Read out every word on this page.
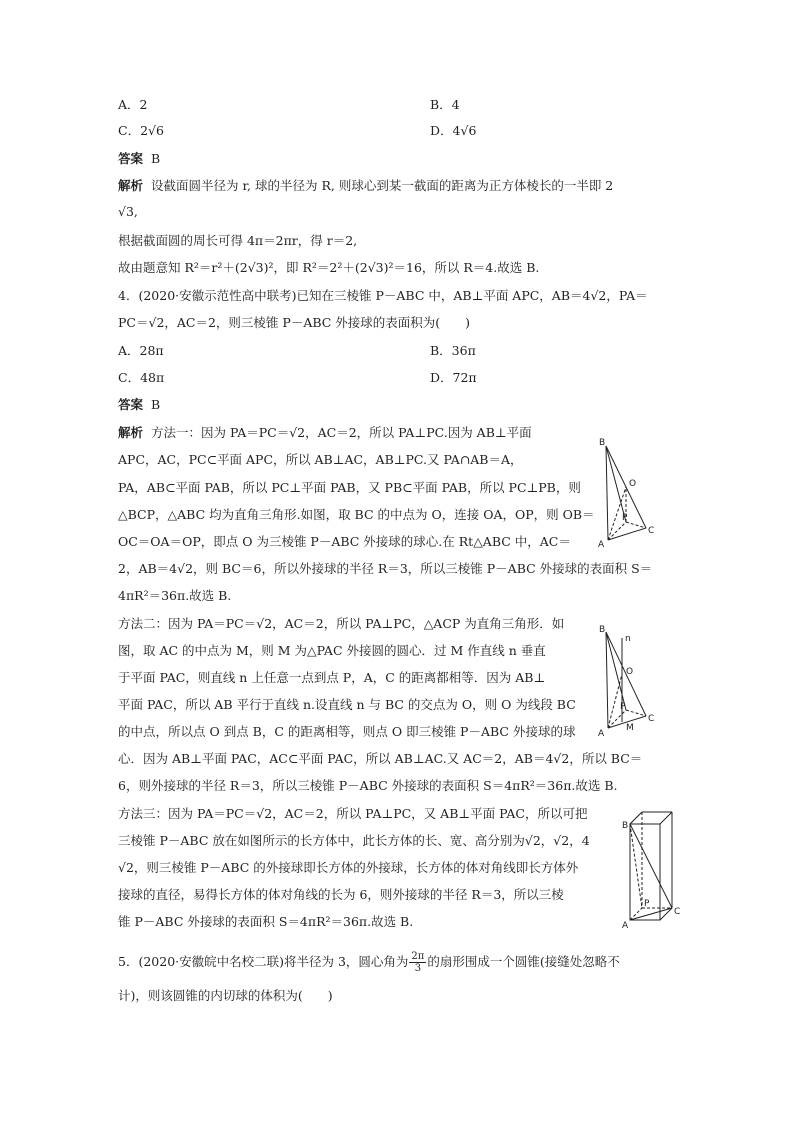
A．2	B．4
C．2√6	D．4√6
答案 B
解析 设截面圆半径为 r, 球的半径为 R, 则球心到某一截面的距离为正方体棱长的一半即 2
√3,
根据截面圆的周长可得 4π＝2πr，得 r＝2,
故由题意知 R²＝r²＋(2√3)²，即 R²＝2²＋(2√3)²＝16，所以 R＝4.故选 B.
4．(2020·安徽示范性高中联考)已知在三棱锥 P－ABC 中，AB⊥平面 APC，AB＝4√2，PA＝
PC＝√2，AC＝2，则三棱锥 P－ABC 外接球的表面积为(　　)
A．28π	B．36π
C．48π	D．72π
答案 B
解析 方法一：因为 PA＝PC＝√2，AC＝2，所以 PA⊥PC.因为 AB⊥平面
APC，AC，PC⊂平面 APC，所以 AB⊥AC，AB⊥PC.又 PA∩AB＝A，
PA，AB⊂平面 PAB，所以 PC⊥平面 PAB，又 PB⊂平面 PAB，所以 PC⊥PB，则
△BCP，△ABC 均为直角三角形.如图，取 BC 的中点为 O，连接 OA，OP，则 OB＝
OC＝OA＝OP，即点 O 为三棱锥 P－ABC 外接球的球心.在 Rt△ABC 中，AC＝
2，AB＝4√2，则 BC＝6，所以外接球的半径 R＝3，所以三棱锥 P－ABC 外接球的表面积 S＝
4πR²＝36π.故选 B.
方法二：因为 PA＝PC＝√2，AC＝2，所以 PA⊥PC，△ACP 为直角三角形．如
图，取 AC 的中点为 M，则 M 为△PAC 外接圆的圆心．过 M 作直线 n 垂直
于平面 PAC，则直线 n 上任意一点到点 P，A，C 的距离都相等．因为 AB⊥
平面 PAC，所以 AB 平行于直线 n.设直线 n 与 BC 的交点为 O，则 O 为线段 BC
的中点，所以点 O 到点 B，C 的距离相等，则点 O 即三棱锥 P－ABC 外接球的球
心．因为 AB⊥平面 PAC，AC⊂平面 PAC，所以 AB⊥AC.又 AC＝2，AB＝4√2，所以 BC＝
6，则外接球的半径 R＝3，所以三棱锥 P－ABC 外接球的表面积 S＝4πR²＝36π.故选 B.
方法三：因为 PA＝PC＝√2，AC＝2，所以 PA⊥PC，又 AB⊥平面 PAC，所以可把
三棱锥 P－ABC 放在如图所示的长方体中，此长方体的长、宽、高分别为√2，√2，4
√2，则三棱锥 P－ABC 的外接球即长方体的外接球，长方体的体对角线即长方体外
接球的直径，易得长方体的体对角线的长为 6，则外接球的半径 R＝3，所以三棱
锥 P－ABC 外接球的表面积 S＝4πR²＝36π.故选 B.
5．(2020·安徽皖中名校二联)将半径为 3，圆心角为 $\frac{2\pi}{3}$ 的扇形围成一个圆锥(接缝处忽略不
计)，则该圆锥的内切球的体积为(　　)
B
O
P
A
C
B
n
O
P
A
M
C
B
P
A
C
